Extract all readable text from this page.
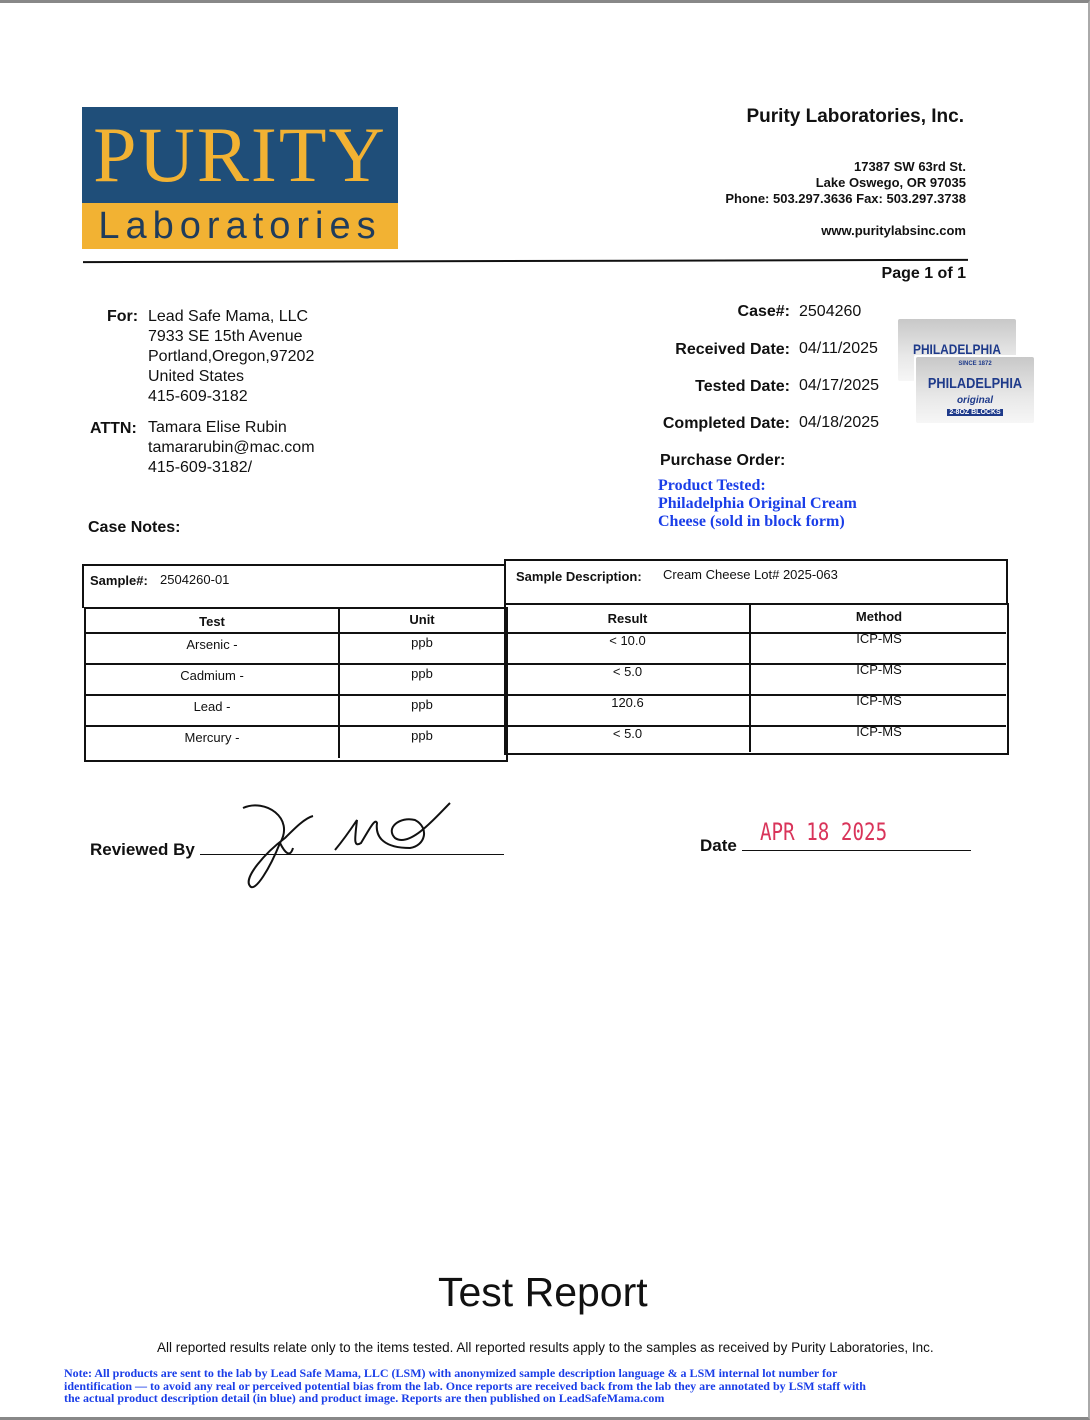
PURITY
Laboratories
Purity Laboratories, Inc.
17387 SW 63rd St.
Lake Oswego, OR 97035
Phone: 503.297.3636 Fax: 503.297.3738
www.puritylabsinc.com
Page 1 of 1
For: Lead Safe Mama, LLC
7933 SE 15th Avenue
Portland,Oregon,97202
United States
415-609-3182
ATTN: Tamara Elise Rubin
tamararubin@mac.com
415-609-3182/
Case Notes:
Case#: 2504260
Received Date: 04/11/2025
Tested Date: 04/17/2025
Completed Date: 04/18/2025
Purchase Order:
Product Tested:
Philadelphia Original Cream
Cheese (sold in block form)
PHILADELPHIA
SINCE 1872
PHILADELPHIA
original
2-8OZ BLOCKS
Sample#: 2504260-01	Sample Description: Cream Cheese Lot# 2025-063
Test	Unit	Result	Method
Arsenic -	ppb	< 10.0	ICP-MS
Cadmium -	ppb	< 5.0	ICP-MS
Lead -	ppb	120.6	ICP-MS
Mercury -	ppb	< 5.0	ICP-MS
Reviewed By	Date APR 18 2025
Test Report
All reported results relate only to the items tested. All reported results apply to the samples as received by Purity Laboratories, Inc.
Note: All products are sent to the lab by Lead Safe Mama, LLC (LSM) with anonymized sample description language & a LSM internal lot number for
identification — to avoid any real or perceived potential bias from the lab. Once reports are received back from the lab they are annotated by LSM staff with
the actual product description detail (in blue) and product image. Reports are then published on LeadSafeMama.com
